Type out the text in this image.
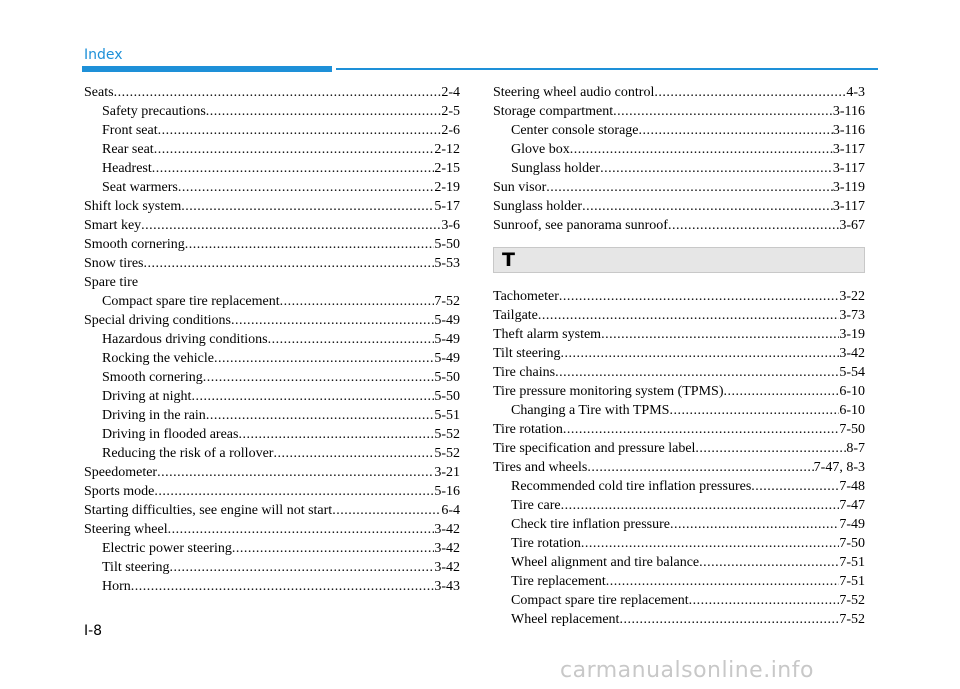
Index
Seats .....	2-4
Safety precautions .....	2-5
Front seat .....	2-6
Rear seat .....	2-12
Headrest .....	2-15
Seat warmers .....	2-19
Shift lock system .....	5-17
Smart key .....	3-6
Smooth cornering .....	5-50
Snow tires .....	5-53
Spare tire
Compact spare tire replacement .....	7-52
Special driving conditions .....	5-49
Hazardous driving conditions .....	5-49
Rocking the vehicle .....	5-49
Smooth cornering .....	5-50
Driving at night .....	5-50
Driving in the rain .....	5-51
Driving in flooded areas .....	5-52
Reducing the risk of a rollover .....	5-52
Speedometer .....	3-21
Sports mode .....	5-16
Starting difficulties, see engine will not start .....	6-4
Steering wheel .....	3-42
Electric power steering .....	3-42
Tilt steering .....	3-42
Horn .....	3-43
Steering wheel audio control .....	4-3
Storage compartment .....	3-116
Center console storage .....	3-116
Glove box .....	3-117
Sunglass holder .....	3-117
Sun visor .....	3-119
Sunglass holder .....	3-117
Sunroof, see panorama sunroof .....	3-67
T
Tachometer .....	3-22
Tailgate .....	3-73
Theft alarm system .....	3-19
Tilt steering .....	3-42
Tire chains .....	5-54
Tire pressure monitoring system (TPMS) .....	6-10
Changing a Tire with TPMS .....	6-10
Tire rotation .....	7-50
Tire specification and pressure label .....	8-7
Tires and wheels .....	7-47, 8-3
Recommended cold tire inflation pressures .....	7-48
Tire care .....	7-47
Check tire inflation pressure .....	7-49
Tire rotation .....	7-50
Wheel alignment and tire balance .....	7-51
Tire replacement .....	7-51
Compact spare tire replacement .....	7-52
Wheel replacement .....	7-52
I-8
carmanualsonline.info
